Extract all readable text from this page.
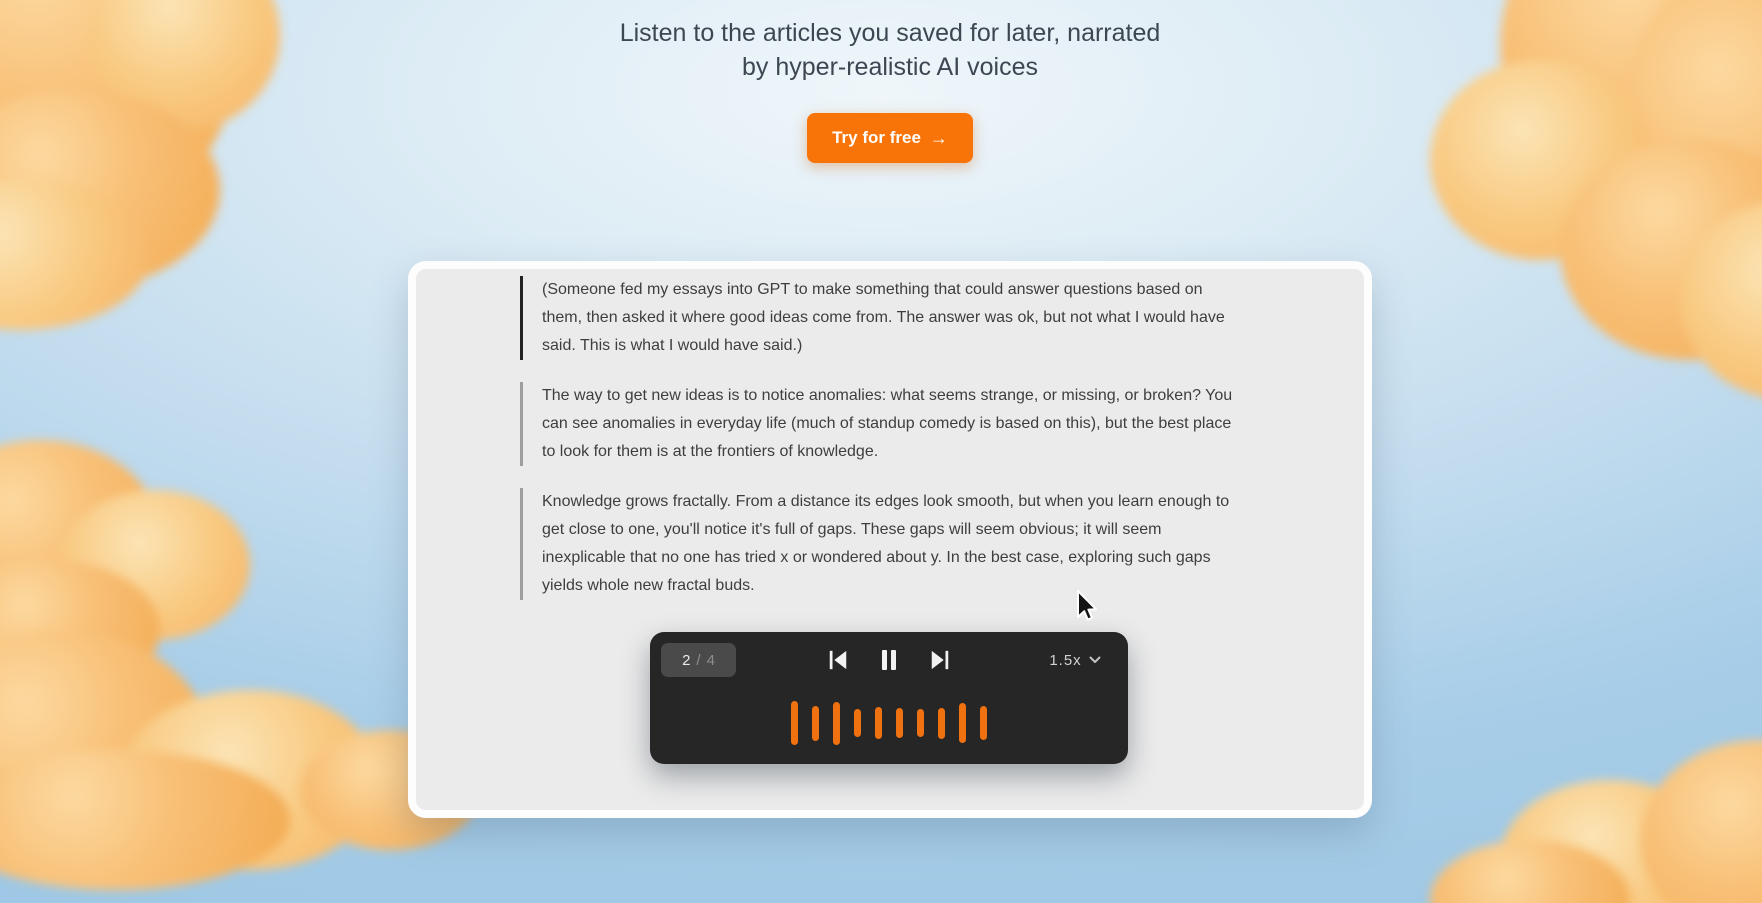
Listen to the articles you saved for later, narrated
by hyper-realistic AI voices
Try for free →
(Someone fed my essays into GPT to make something that could answer questions based on them, then asked it where good ideas come from. The answer was ok, but not what I would have said. This is what I would have said.)
The way to get new ideas is to notice anomalies: what seems strange, or missing, or broken? You can see anomalies in everyday life (much of standup comedy is based on this), but the best place to look for them is at the frontiers of knowledge.
Knowledge grows fractally. From a distance its edges look smooth, but when you learn enough to get close to one, you'll notice it's full of gaps. These gaps will seem obvious; it will seem inexplicable that no one has tried x or wondered about y. In the best case, exploring such gaps yields whole new fractal buds.
2 / 4	1.5x
